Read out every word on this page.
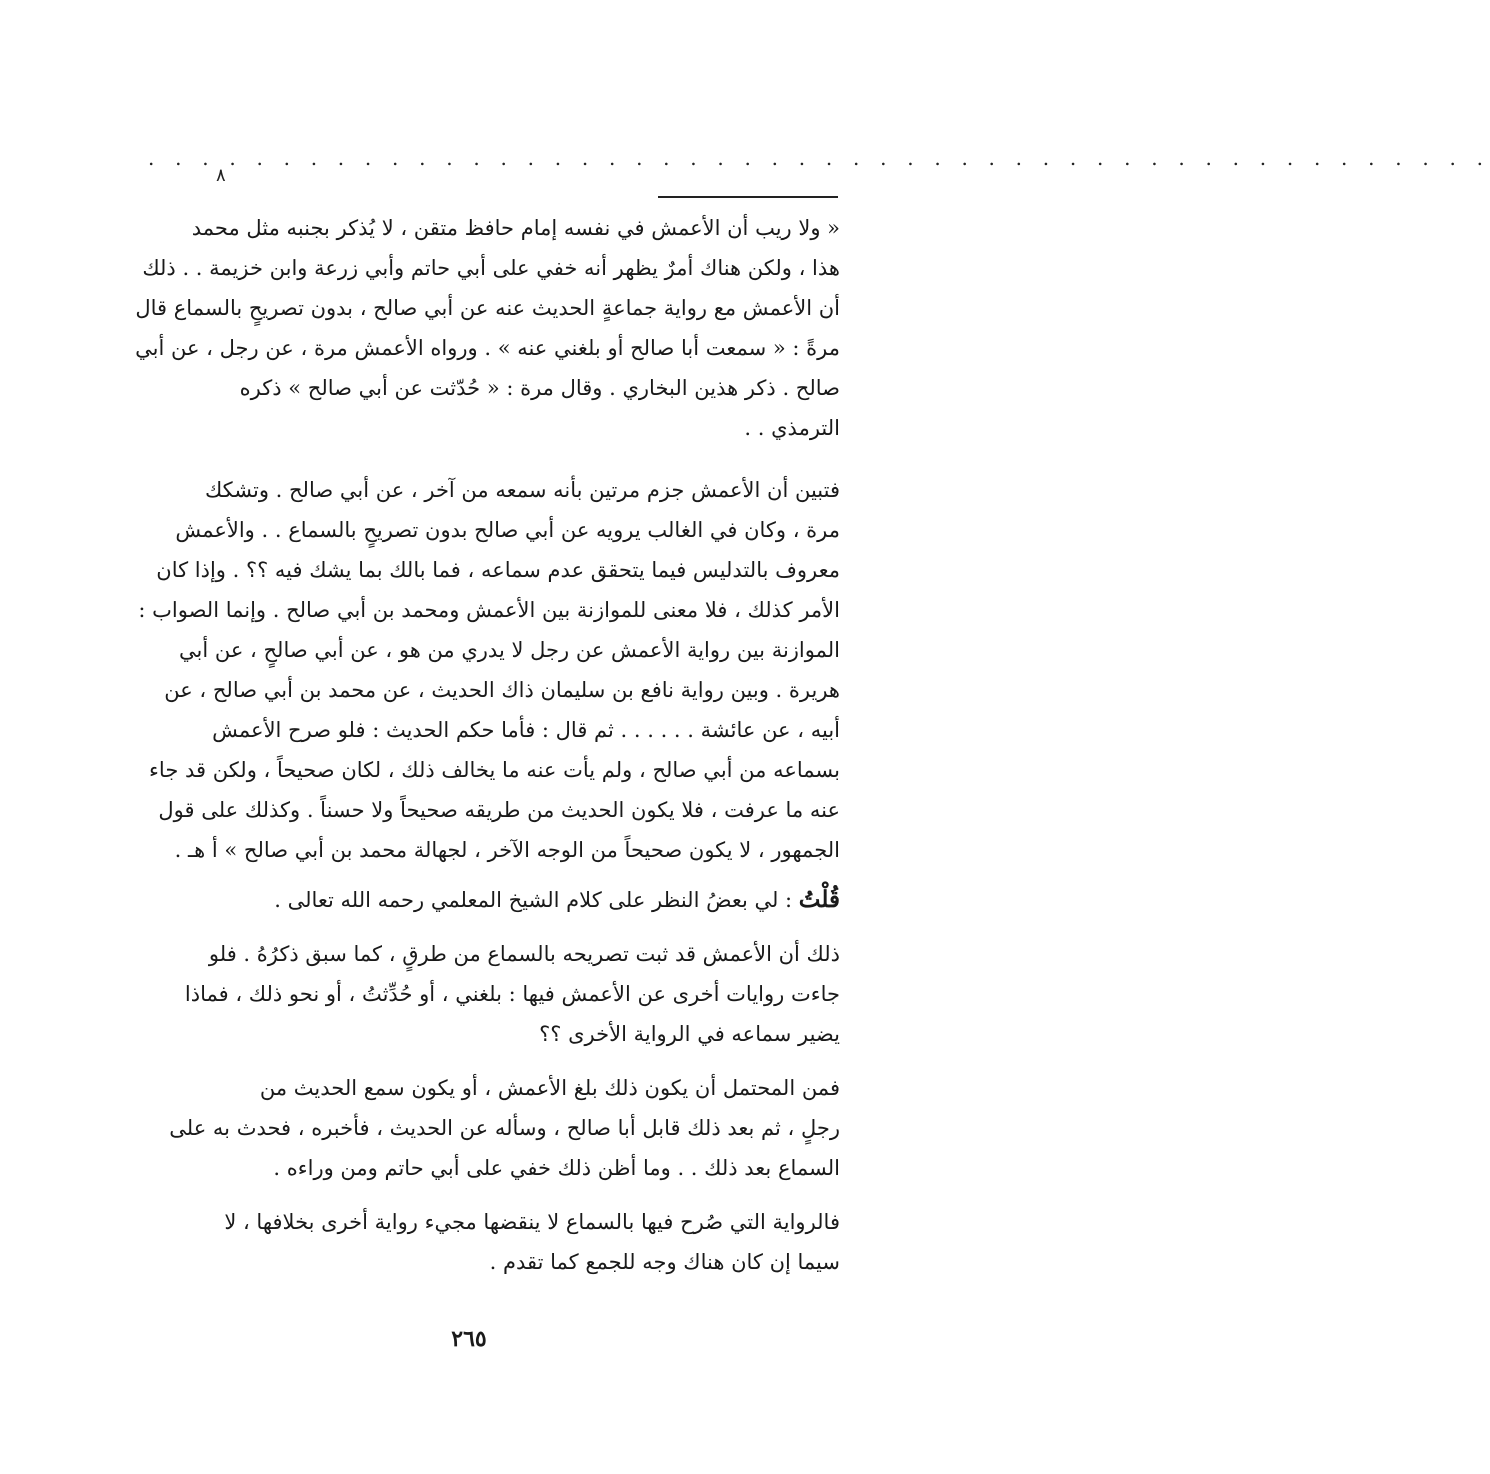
. . . . . . . . . . . . . . . . . . . . . . . . . . . . . . . . . . . . . . . . . . . . . . . . . .
٨

« ولا ريب أن الأعمش في نفسه إمام حافظ متقن ، لا يُذكر بجنبه مثل محمد
هذا ، ولكن هناك أمرٌ يظهر أنه خفي على أبي حاتم وأبي زرعة وابن خزيمة . . ذلك
أن الأعمش مع رواية جماعةٍ الحديث عنه عن أبي صالح ، بدون تصريحٍ بالسماع قال
مرةً : « سمعت أبا صالح أو بلغني عنه » . ورواه الأعمش مرة ، عن رجل ، عن أبي
صالح . ذكر هذين البخاري . وقال مرة : « حُدّثت عن أبي صالح » ذكره
الترمذي . .

فتبين أن الأعمش جزم مرتين بأنه سمعه من آخر ، عن أبي صالح . وتشكك
مرة ، وكان في الغالب يرويه عن أبي صالح بدون تصريحٍ بالسماع . . والأعمش
معروف بالتدليس فيما يتحقق عدم سماعه ، فما بالك بما يشك فيه ؟؟ . وإذا كان
الأمر كذلك ، فلا معنى للموازنة بين الأعمش ومحمد بن أبي صالح . وإنما الصواب :
الموازنة بين رواية الأعمش عن رجل لا يدري من هو ، عن أبي صالحٍ ، عن أبي
هريرة . وبين رواية نافع بن سليمان ذاك الحديث ، عن محمد بن أبي صالح ، عن
أبيه ، عن عائشة . . . . . . ثم قال : فأما حكم الحديث : فلو صرح الأعمش
بسماعه من أبي صالح ، ولم يأت عنه ما يخالف ذلك ، لكان صحيحاً ، ولكن قد جاء
عنه ما عرفت ، فلا يكون الحديث من طريقه صحيحاً ولا حسناً . وكذلك على قول
الجمهور ، لا يكون صحيحاً من الوجه الآخر ، لجهالة محمد بن أبي صالح » أ هـ .

قُلْتُ : لي بعضُ النظر على كلام الشيخ المعلمي رحمه الله تعالى .

ذلك أن الأعمش قد ثبت تصريحه بالسماع من طرقٍ ، كما سبق ذكرُهُ . فلو
جاءت روايات أخرى عن الأعمش فيها : بلغني ، أو حُدِّثتُ ، أو نحو ذلك ، فماذا
يضير سماعه في الرواية الأخرى ؟؟

فمن المحتمل أن يكون ذلك بلغ الأعمش ، أو يكون سمع الحديث من
رجلٍ ، ثم بعد ذلك قابل أبا صالح ، وسأله عن الحديث ، فأخبره ، فحدث به على
السماع بعد ذلك . . وما أظن ذلك خفي على أبي حاتم ومن وراءه .

فالرواية التي صُرح فيها بالسماع لا ينقضها مجيء رواية أخرى بخلافها ، لا
سيما إن كان هناك وجه للجمع كما تقدم .

٢٦٥
